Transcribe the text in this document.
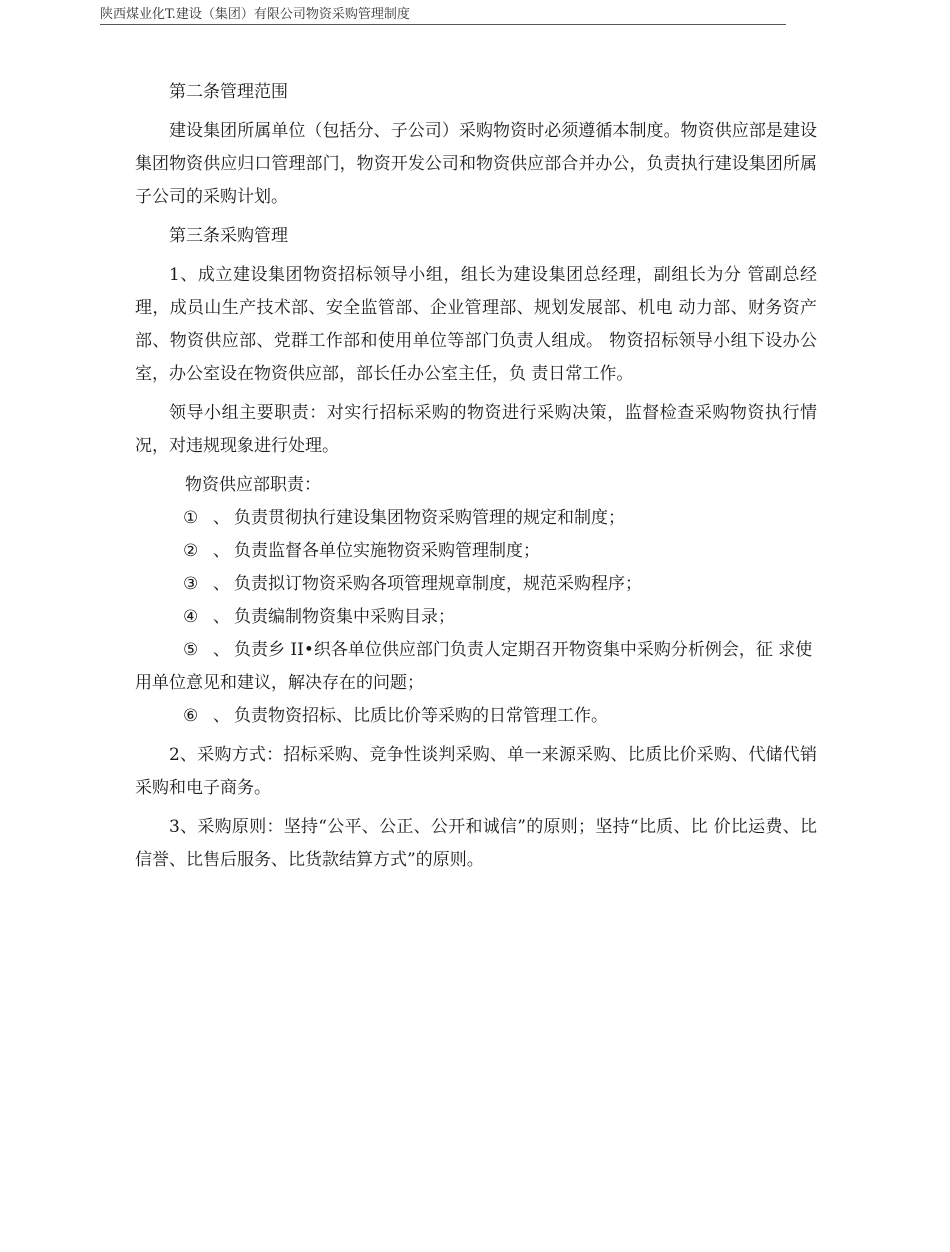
陕西煤业化T.建设（集团）有限公司物资采购管理制度

第二条管理范围

建设集团所属单位（包括分、子公司）采购物资时必须遵循本制度。物资供应部是建设集团物资供应归口管理部门，物资开发公司和物资供应部合并办公，负责执行建设集团所属子公司的采购计划。

第三条采购管理

1、成立建设集团物资招标领导小组，组长为建设集团总经理，副组长为分 管副总经理，成员山生产技术部、安全监管部、企业管理部、规划发展部、机电 动力部、财务资产部、物资供应部、党群工作部和使用单位等部门负责人组成。 物资招标领导小组下设办公室，办公室设在物资供应部，部长任办公室主任，负 责日常工作。

领导小组主要职责：对实行招标采购的物资进行采购决策，监督检查采购物资执行情况，对违规现象进行处理。

物资供应部职责：

① 、 负责贯彻执行建设集团物资采购管理的规定和制度；
② 、 负责监督各单位实施物资采购管理制度；
③ 、 负责拟订物资采购各项管理规章制度，规范采购程序；
④ 、 负责编制物资集中采购目录；
⑤ 、 负责乡 II•织各单位供应部门负责人定期召开物资集中采购分析例会，征 求使用单位意见和建议，解决存在的问题；
⑥ 、 负责物资招标、比质比价等采购的日常管理工作。

2、采购方式：招标采购、竞争性谈判采购、单一来源采购、比质比价采购、代储代销采购和电子商务。

3、采购原则：坚持“公平、公正、公开和诚信”的原则；坚持“比质、比 价比运费、比信誉、比售后服务、比货款结算方式”的原则。
